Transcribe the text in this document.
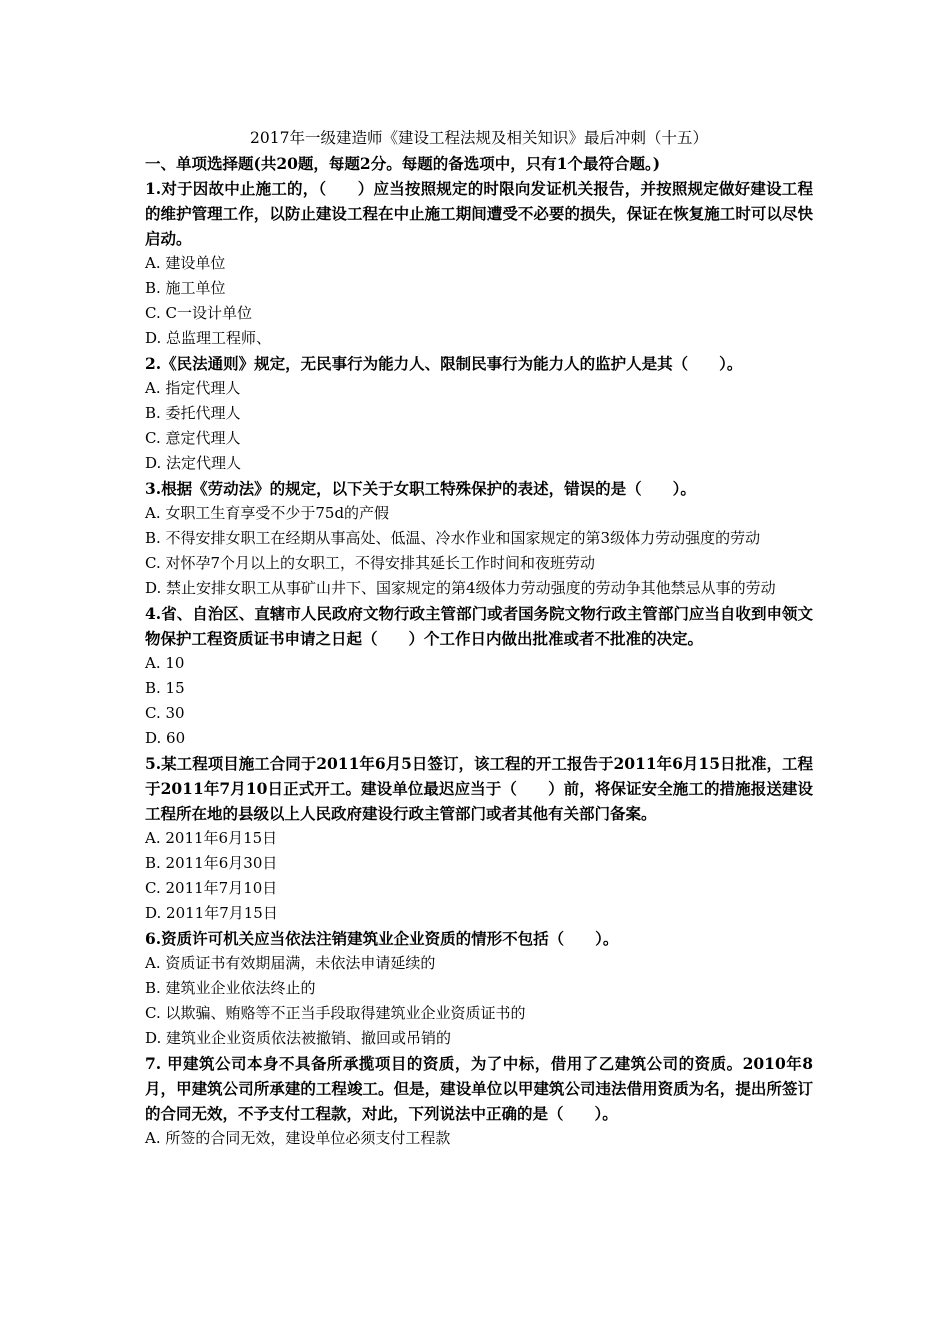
2017年一级建造师《建设工程法规及相关知识》最后冲刺（十五）
一、单项选择题(共20题，每题2分。每题的备选项中，只有1个最符合题。)
1.对于因故中止施工的，（　　）应当按照规定的时限向发证机关报告，并按照规定做好建设工程的维护管理工作，以防止建设工程在中止施工期间遭受不必要的损失，保证在恢复施工时可以尽快启动。
A. 建设单位
B. 施工单位
C. C一设计单位
D. 总监理工程师、
2.《民法通则》规定，无民事行为能力人、限制民事行为能力人的监护人是其（　　）。
A. 指定代理人
B. 委托代理人
C. 意定代理人
D. 法定代理人
3.根据《劳动法》的规定，以下关于女职工特殊保护的表述，错误的是（　　）。
A. 女职工生育享受不少于75d的产假
B. 不得安排女职工在经期从事高处、低温、冷水作业和国家规定的第3级体力劳动强度的劳动
C. 对怀孕7个月以上的女职工，不得安排其延长工作时间和夜班劳动
D. 禁止安排女职工从事矿山井下、国家规定的第4级体力劳动强度的劳动争其他禁忌从事的劳动
4.省、自治区、直辖市人民政府文物行政主管部门或者国务院文物行政主管部门应当自收到申领文物保护工程资质证书申请之日起（　　）个工作日内做出批准或者不批准的决定。
A. 10
B. 15
C. 30
D. 60
5.某工程项目施工合同于2011年6月5日签订，该工程的开工报告于2011年6月15日批准，工程于2011年7月10日正式开工。建设单位最迟应当于（　　）前，将保证安全施工的措施报送建设工程所在地的县级以上人民政府建设行政主管部门或者其他有关部门备案。
A. 2011年6月15日
B. 2011年6月30日
C. 2011年7月10日
D. 2011年7月15日
6.资质许可机关应当依法注销建筑业企业资质的情形不包括（　　）。
A. 资质证书有效期届满，未依法申请延续的
B. 建筑业企业依法终止的
C. 以欺骗、贿赂等不正当手段取得建筑业企业资质证书的
D. 建筑业企业资质依法被撤销、撤回或吊销的
7. 甲建筑公司本身不具备所承揽项目的资质，为了中标，借用了乙建筑公司的资质。2010年8月，甲建筑公司所承建的工程竣工。但是，建设单位以甲建筑公司违法借用资质为名，提出所签订的合同无效，不予支付工程款，对此，下列说法中正确的是（　　）。
A. 所签的合同无效，建设单位必须支付工程款
